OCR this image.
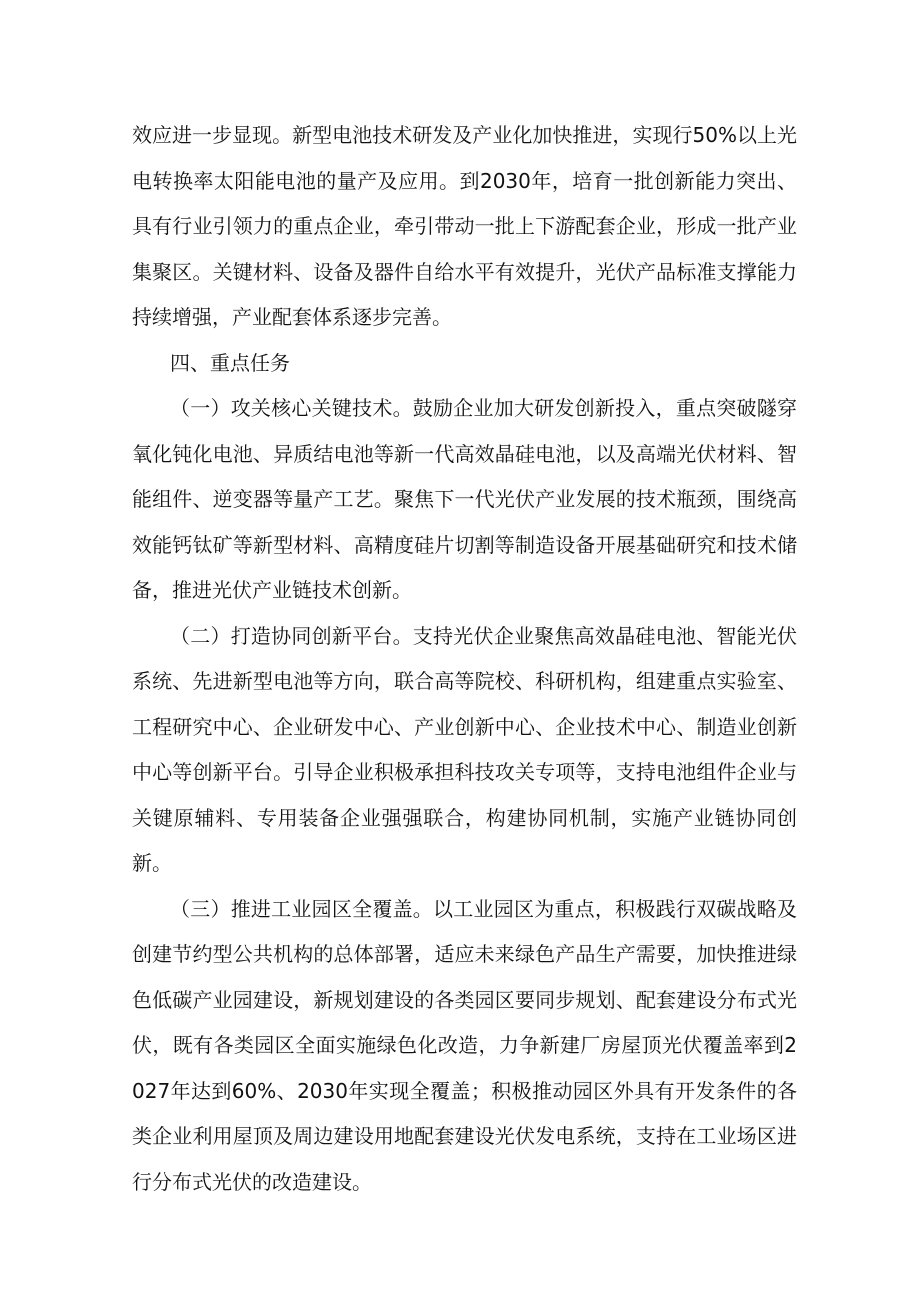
效应进一步显现。新型电池技术研发及产业化加快推进，实现行50%以上光电转换率太阳能电池的量产及应用。到2030年，培育一批创新能力突出、具有行业引领力的重点企业，牵引带动一批上下游配套企业，形成一批产业集聚区。关键材料、设备及器件自给水平有效提升，光伏产品标准支撑能力持续增强，产业配套体系逐步完善。

四、重点任务

（一）攻关核心关键技术。鼓励企业加大研发创新投入，重点突破隧穿氧化钝化电池、异质结电池等新一代高效晶硅电池，以及高端光伏材料、智能组件、逆变器等量产工艺。聚焦下一代光伏产业发展的技术瓶颈，围绕高效能钙钛矿等新型材料、高精度硅片切割等制造设备开展基础研究和技术储备，推进光伏产业链技术创新。

（二）打造协同创新平台。支持光伏企业聚焦高效晶硅电池、智能光伏系统、先进新型电池等方向，联合高等院校、科研机构，组建重点实验室、工程研究中心、企业研发中心、产业创新中心、企业技术中心、制造业创新中心等创新平台。引导企业积极承担科技攻关专项等，支持电池组件企业与关键原辅料、专用装备企业强强联合，构建协同机制，实施产业链协同创新。

（三）推进工业园区全覆盖。以工业园区为重点，积极践行双碳战略及创建节约型公共机构的总体部署，适应未来绿色产品生产需要，加快推进绿色低碳产业园建设，新规划建设的各类园区要同步规划、配套建设分布式光伏，既有各类园区全面实施绿色化改造，力争新建厂房屋顶光伏覆盖率到2027年达到60%、2030年实现全覆盖；积极推动园区外具有开发条件的各类企业利用屋顶及周边建设用地配套建设光伏发电系统，支持在工业场区进行分布式光伏的改造建设。
